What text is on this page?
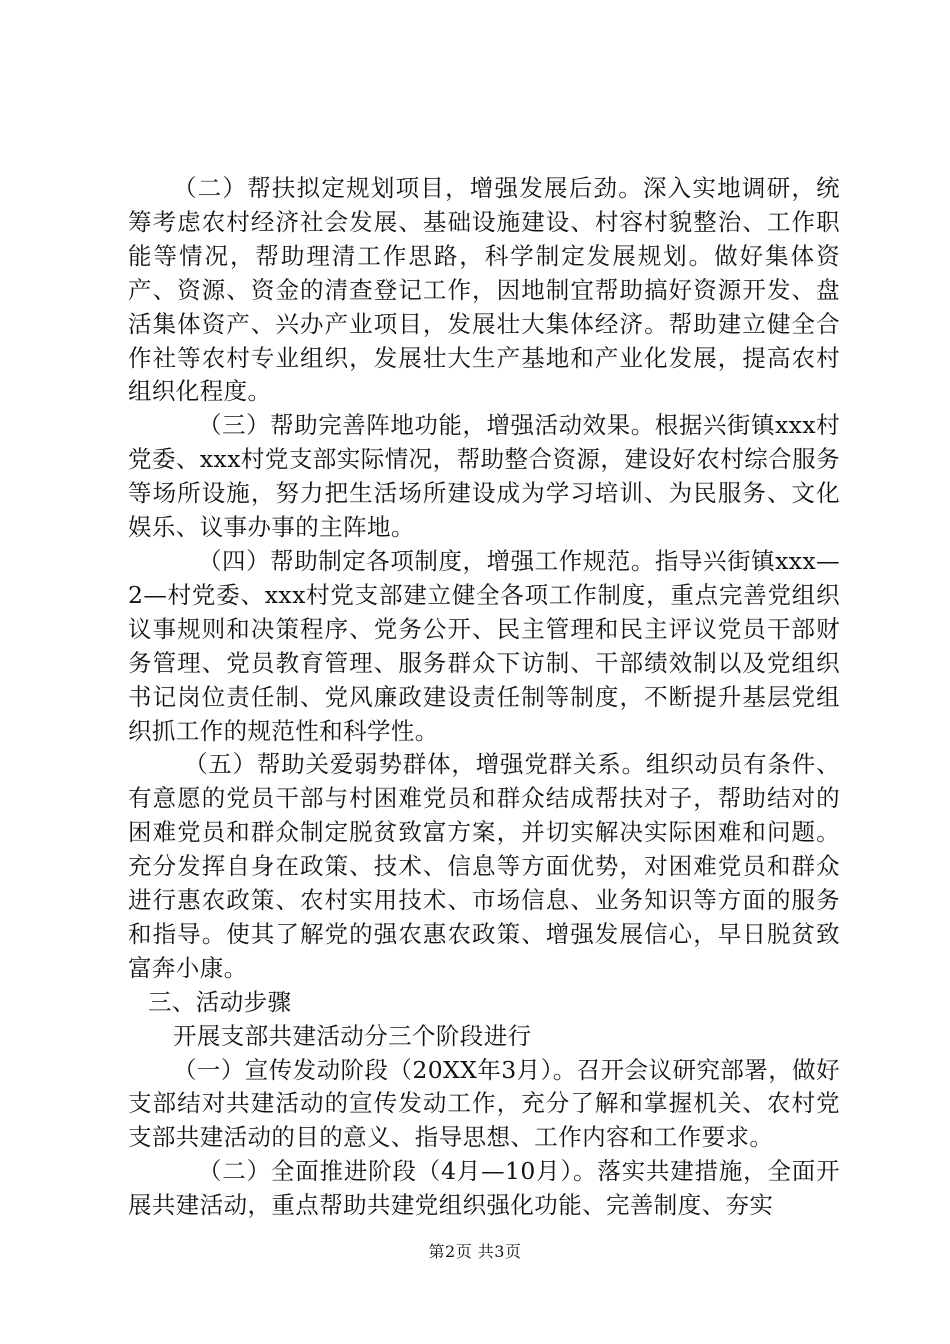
（二）帮扶拟定规划项目，增强发展后劲。深入实地调研，统筹考虑农村经济社会发展、基础设施建设、村容村貌整治、工作职能等情况，帮助理清工作思路，科学制定发展规划。做好集体资产、资源、资金的清查登记工作，因地制宜帮助搞好资源开发、盘活集体资产、兴办产业项目，发展壮大集体经济。帮助建立健全合作社等农村专业组织，发展壮大生产基地和产业化发展，提高农村组织化程度。

（三）帮助完善阵地功能，增强活动效果。根据兴街镇xxx村党委、xxx村党支部实际情况，帮助整合资源，建设好农村综合服务等场所设施，努力把生活场所建设成为学习培训、为民服务、文化娱乐、议事办事的主阵地。

（四）帮助制定各项制度，增强工作规范。指导兴街镇xxx—2—村党委、xxx村党支部建立健全各项工作制度，重点完善党组织议事规则和决策程序、党务公开、民主管理和民主评议党员干部财务管理、党员教育管理、服务群众下访制、干部绩效制以及党组织书记岗位责任制、党风廉政建设责任制等制度，不断提升基层党组织抓工作的规范性和科学性。

（五）帮助关爱弱势群体，增强党群关系。组织动员有条件、有意愿的党员干部与村困难党员和群众结成帮扶对子，帮助结对的困难党员和群众制定脱贫致富方案，并切实解决实际困难和问题。充分发挥自身在政策、技术、信息等方面优势，对困难党员和群众进行惠农政策、农村实用技术、市场信息、业务知识等方面的服务和指导。使其了解党的强农惠农政策、增强发展信心，早日脱贫致富奔小康。

三、活动步骤

开展支部共建活动分三个阶段进行

（一）宣传发动阶段（20XX年3月）。召开会议研究部署，做好支部结对共建活动的宣传发动工作，充分了解和掌握机关、农村党支部共建活动的目的意义、指导思想、工作内容和工作要求。

（二）全面推进阶段（4月—10月）。落实共建措施，全面开展共建活动，重点帮助共建党组织强化功能、完善制度、夯实

第2页 共3页
